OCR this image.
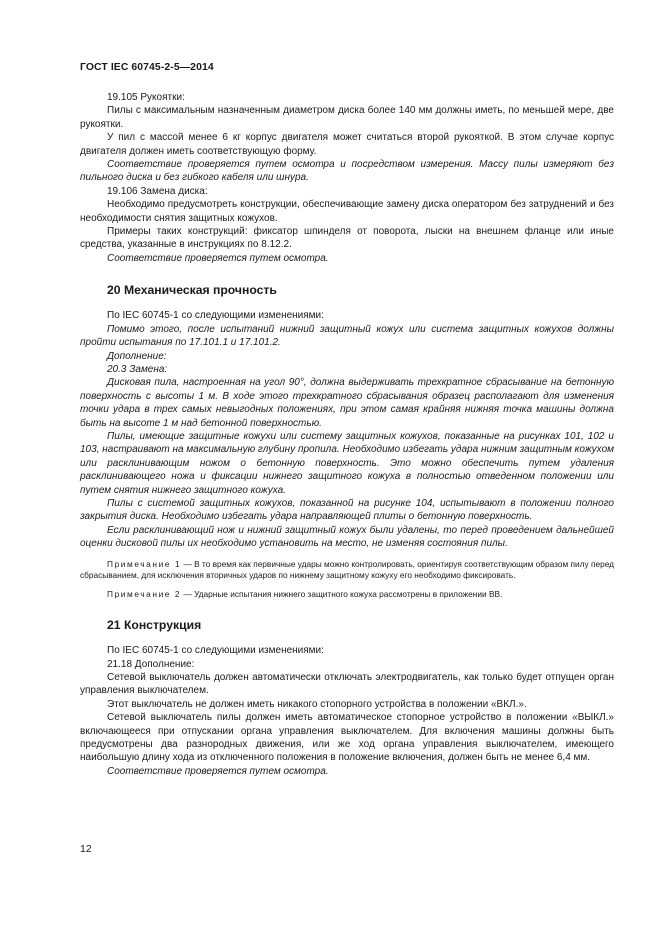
ГОСТ IEC 60745-2-5—2014

19.105 Рукоятки:

Пилы с максимальным назначенным диаметром диска более 140 мм должны иметь, по меньшей мере, две рукоятки.

У пил с массой менее 6 кг корпус двигателя может считаться второй рукояткой. В этом случае корпус двигателя должен иметь соответствующую форму.

Соответствие проверяется путем осмотра и посредством измерения. Массу пилы измеряют без пильного диска и без гибкого кабеля или шнура.

19.106 Замена диска:

Необходимо предусмотреть конструкции, обеспечивающие замену диска оператором без затруднений и без необходимости снятия защитных кожухов.

Примеры таких конструкций: фиксатор шпинделя от поворота, лыски на внешнем фланце или иные средства, указанные в инструкциях по 8.12.2.

Соответствие проверяется путем осмотра.

20 Механическая прочность

По IEC 60745-1 со следующими изменениями:

Помимо этого, после испытаний нижний защитный кожух или система защитных кожухов должны пройти испытания по 17.101.1 и 17.101.2.

Дополнение:

20.3 Замена:

Дисковая пила, настроенная на угол 90°, должна выдерживать трехкратное сбрасывание на бетонную поверхность с высоты 1 м. В ходе этого трехкратного сбрасывания образец располагают для изменения точки удара в трех самых невыгодных положениях, при этом самая крайняя нижняя точка машины должна быть на высоте 1 м над бетонной поверхностью.

Пилы, имеющие защитные кожухи или систему защитных кожухов, показанные на рисунках 101, 102 и 103, настраивают на максимальную глубину пропила. Необходимо избегать удара нижним защитным кожухом или расклинивающим ножом о бетонную поверхность. Это можно обеспечить путем удаления расклинивающего ножа и фиксации нижнего защитного кожуха в полностью отведенном положении или путем снятия нижнего защитного кожуха.

Пилы с системой защитных кожухов, показанной на рисунке 104, испытывают в положении полного закрытия диска. Необходимо избегать удара направляющей плиты о бетонную поверхность.

Если расклинивающий нож и нижний защитный кожух были удалены, то перед проведением дальнейшей оценки дисковой пилы их необходимо установить на место, не изменяя состояния пилы.

Примечание 1 — В то время как первичные удары можно контролировать, ориентируя соответствующим образом пилу перед сбрасыванием, для исключения вторичных ударов по нижнему защитному кожуху его необходимо фиксировать.

Примечание 2 — Ударные испытания нижнего защитного кожуха рассмотрены в приложении ВВ.

21 Конструкция

По IEC 60745-1 со следующими изменениями:

21.18 Дополнение:

Сетевой выключатель должен автоматически отключать электродвигатель, как только будет отпущен орган управления выключателем.

Этот выключатель не должен иметь никакого стопорного устройства в положении «ВКЛ.».

Сетевой выключатель пилы должен иметь автоматическое стопорное устройство в положении «ВЫКЛ.» включающееся при отпускании органа управления выключателем. Для включения машины должны быть предусмотрены два разнородных движения, или же ход органа управления выключателем, имеющего наибольшую длину хода из отключенного положения в положение включения, должен быть не менее 6,4 мм.

Соответствие проверяется путем осмотра.

12
